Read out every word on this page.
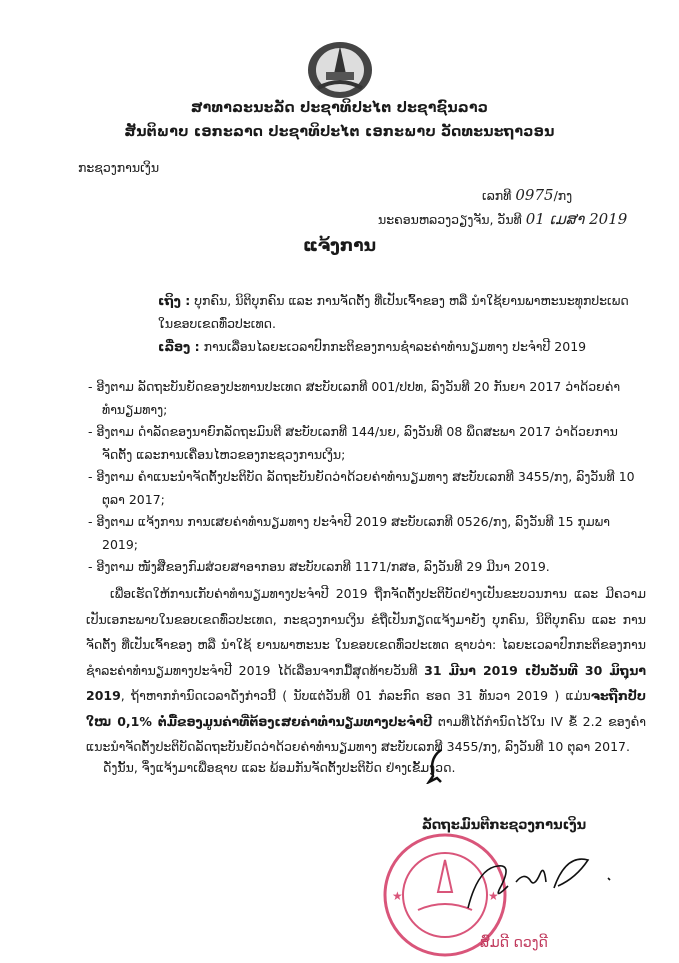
ສາທາລະນະລັດ ປະຊາທິປະໄຕ ປະຊາຊົນລາວ
ສັນຕິພາບ ເອກະລາດ ປະຊາທິປະໄຕ ເອກະພາບ ວັດທະນະຖາວອນ
ກະຊວງການເງິນ
ເລກທີ 0975/ກງ
ນະຄອນຫລວງວຽງຈັນ, ວັນທີ 01 ເມສາ 2019
ແຈ້ງການ
ເຖິງ : ບຸກຄົນ, ນິຕິບຸກຄົນ ແລະ ການຈັດຕັ້ງ ທີ່ເປັນເຈົ້າຂອງ ຫລື ນຳໃຊ້ຍານພາຫະນະທຸກປະເພດ ໃນຂອບເຂດທົ່ວປະເທດ.
ເລື່ອງ : ການເລື່ອນໄລຍະເວລາປົກກະຕິຂອງການຊຳລະຄ່າທຳນຽມທາງ ປະຈຳປີ 2019
- ອີງຕາມ ລັດຖະບັນຍັດຂອງປະທານປະເທດ ສະບັບເລກທີ 001/ປປທ, ລົງວັນທີ 20 ກັນຍາ 2017 ວ່າດ້ວຍຄ່າທຳນຽມທາງ;
- ອີງຕາມ ດຳລັດຂອງນາຍົກລັດຖະມົນຕີ ສະບັບເລກທີ 144/ນຍ, ລົງວັນທີ 08 ພຶດສະພາ 2017 ວ່າດ້ວຍການຈັດຕັ້ງ ແລະການເຄື່ອນໄຫວຂອງກະຊວງການເງິນ;
- ອີງຕາມ ຄຳແນະນຳຈັດຕັ້ງປະຕິບັດ ລັດຖະບັນຍັດວ່າດ້ວຍຄ່າທຳນຽມທາງ ສະບັບເລກທີ 3455/ກງ, ລົງວັນທີ 10 ຕຸລາ 2017;
- ອີງຕາມ ແຈ້ງການ ການເສຍຄ່າທຳນຽມທາງ ປະຈຳປີ 2019 ສະບັບເລກທີ 0526/ກງ, ລົງວັນທີ 15 ກຸມພາ 2019;
- ອີງຕາມ ໜັງສືຂອງກົມສ່ວຍສາອາກອນ ສະບັບເລກທີ 1171/ກສອ, ລົງວັນທີ 29 ມີນາ 2019.
ເພື່ອເຮັດໃຫ້ການເກັບຄ່າທຳນຽມທາງປະຈຳປີ 2019 ຖືກຈັດຕັ້ງປະຕິບັດຢ່າງເປັນຂະບວນການ ແລະ ມີຄວາມເປັນເອກະພາບໃນຂອບເຂດທົ່ວປະເທດ, ກະຊວງການເງິນ ຂໍຖືເປັນກຽດແຈ້ງມາຍັງ ບຸກຄົນ, ນິຕິບຸກຄົນ ແລະ ການຈັດຕັ້ງ ທີ່ເປັນເຈົ້າຂອງ ຫລື ນຳໃຊ້ ຍານພາຫະນະ ໃນຂອບເຂດທົ່ວປະເທດ ຊາບວ່າ: ໄລຍະເວລາປົກກະຕິຂອງການຊຳລະຄ່າທຳນຽມທາງປະຈຳປີ 2019 ໄດ້ເລື່ອນຈາກມື້ສຸດທ້າຍວັນທີ 31 ມີນາ 2019 ເປັນວັນທີ 30 ມິຖຸນາ 2019, ຖ້າຫາກກຳນົດເວລາດັ່ງກ່າວນີ້ ( ນັບແຕ່ວັນທີ 01 ກໍລະກົດ ຮອດ 31 ທັນວາ 2019 ) ແມ່ນຈະຖືກປັບໃໝ 0,1% ຕໍ່ມື້ຂອງມູນຄ່າທີ່ຕ້ອງເສຍຄ່າທຳນຽມທາງປະຈຳປີ ຕາມທີ່ໄດ້ກຳນົດໄວ້ໃນ IV ຂໍ້ 2.2 ຂອງຄຳແນະນຳຈັດຕັ້ງປະຕິບັດລັດຖະບັນຍັດວ່າດ້ວຍຄ່າທຳນຽມທາງ ສະບັບເລກທີ 3455/ກງ, ລົງວັນທີ 10 ຕຸລາ 2017.
ດັ່ງນັ້ນ, ຈຶ່ງແຈ້ງມາເພື່ອຊາບ ແລະ ພ້ອມກັນຈັດຕັ້ງປະຕິບັດ ຢ່າງເຂັ້ມງວດ.
ລັດຖະມົນຕີກະຊວງການເງິນ
★	★
ສົມດີ ດວງດີ
